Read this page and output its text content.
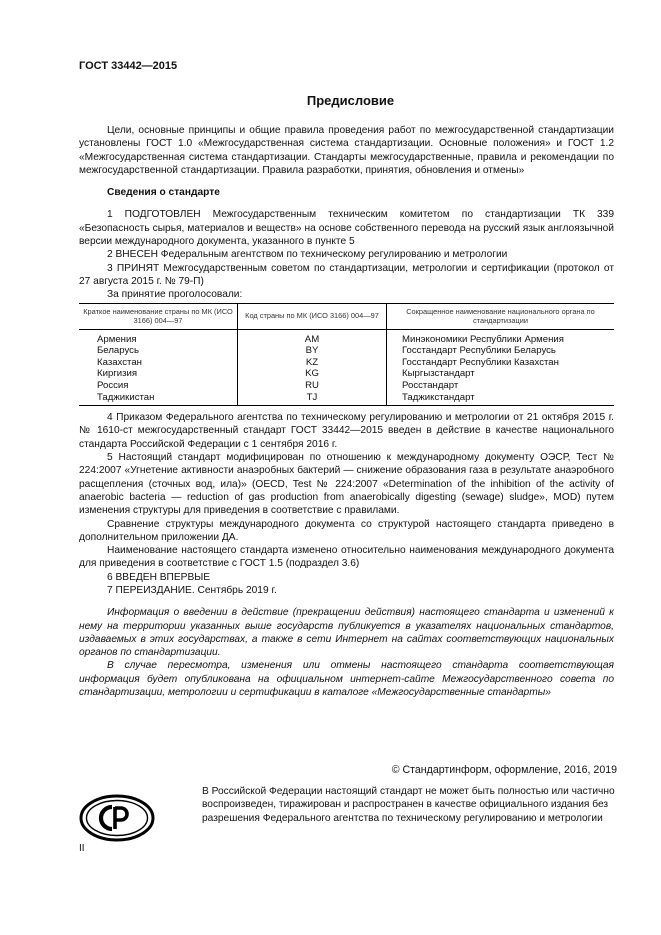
ГОСТ 33442—2015
Предисловие

Цели, основные принципы и общие правила проведения работ по межгосударственной стандартизации установлены ГОСТ 1.0 «Межгосударственная система стандартизации. Основные положения» и ГОСТ 1.2 «Межгосударственная система стандартизации. Стандарты межгосударственные, правила и рекомендации по межгосударственной стандартизации. Правила разработки, принятия, обновления и отмены»

Сведения о стандарте

1 ПОДГОТОВЛЕН Межгосударственным техническим комитетом по стандартизации ТК 339 «Безопасность сырья, материалов и веществ» на основе собственного перевода на русский язык англоязычной версии международного документа, указанного в пункте 5

2 ВНЕСЕН Федеральным агентством по техническому регулированию и метрологии

3 ПРИНЯТ Межгосударственным советом по стандартизации, метрологии и сертификации (протокол от 27 августа 2015 г. № 79-П)

За принятие проголосовали:

Краткое наименование страны по МК (ИСО 3166) 004—97	Код страны по МК (ИСО 3166) 004—97	Сокращенное наименование национального органа по стандартизации
Армения	AM	Минэкономики Республики Армения
Беларусь	BY	Госстандарт Республики Беларусь
Казахстан	KZ	Госстандарт Республики Казахстан
Киргизия	KG	Кыргызстандарт
Россия	RU	Росстандарт
Таджикистан	TJ	Таджикстандарт

4 Приказом Федерального агентства по техническому регулированию и метрологии от 21 октября 2015 г. № 1610-ст межгосударственный стандарт ГОСТ 33442—2015 введен в действие в качестве национального стандарта Российской Федерации с 1 сентября 2016 г.

5 Настоящий стандарт модифицирован по отношению к международному документу ОЭСР, Тест № 224:2007 «Угнетение активности анаэробных бактерий — снижение образования газа в результате анаэробного расщепления (сточных вод, ила)» (OECD, Test № 224:2007 «Determination of the inhibition of the activity of anaerobic bacteria — reduction of gas production from anaerobically digesting (sewage) sludge», MOD) путем изменения структуры для приведения в соответствие с правилами.

Сравнение структуры международного документа со структурой настоящего стандарта приведено в дополнительном приложении ДА.

Наименование настоящего стандарта изменено относительно наименования международного документа для приведения в соответствие с ГОСТ 1.5 (подраздел 3.6)

6 ВВЕДЕН ВПЕРВЫЕ

7 ПЕРЕИЗДАНИЕ. Сентябрь 2019 г.

Информация о введении в действие (прекращении действия) настоящего стандарта и изменений к нему на территории указанных выше государств публикуется в указателях национальных стандартов, издаваемых в этих государствах, а также в сети Интернет на сайтах соответствующих национальных органов по стандартизации.

В случае пересмотра, изменения или отмены настоящего стандарта соответствующая информация будет опубликована на официальном интернет-сайте Межгосударственного совета по стандартизации, метрологии и сертификации в каталоге «Межгосударственные стандарты»

© Стандартинформ, оформление, 2016, 2019
В Российской Федерации настоящий стандарт не может быть полностью или частично воспроизведен, тиражирован и распространен в качестве официального издания без разрешения Федерального агентства по техническому регулированию и метрологии
II
